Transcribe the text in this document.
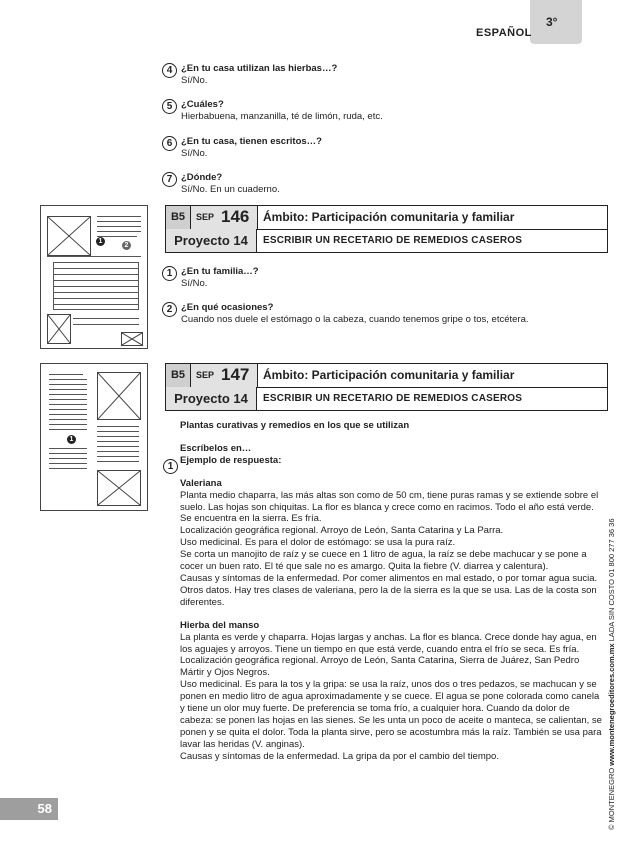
3°
ESPAÑOL
4 ¿En tu casa utilizan las hierbas…?
Sí/No.
5 ¿Cuáles?
Hierbabuena, manzanilla, té de limón, ruda, etc.
6 ¿En tu casa, tienen escritos…?
Sí/No.
7 ¿Dónde?
Sí/No. En un cuaderno.
1
2
B5	SEP 146 Ámbito: Participación comunitaria y familiar
Proyecto 14	ESCRIBIR UN RECETARIO DE REMEDIOS CASEROS
1 ¿En tu familia…?
Sí/No.
2 ¿En qué ocasiones?
Cuando nos duele el estómago o la cabeza, cuando tenemos gripe o tos, etcétera.
1
B5	SEP 147 Ámbito: Participación comunitaria y familiar
Proyecto 14	ESCRIBIR UN RECETARIO DE REMEDIOS CASEROS
1

Plantas curativas y remedios en los que se utilizan

Escríbelos en…

Ejemplo de respuesta:

Valeriana

Planta medio chaparra, las más altas son como de 50 cm, tiene puras ramas y se extiende sobre el suelo. Las hojas son chiquitas. La flor es blanca y crece como en racimos. Todo el año está verde. Se encuentra en la sierra. Es fría.

Localización geográfica regional. Arroyo de León, Santa Catarina y La Parra.

Uso medicinal. Es para el dolor de estómago: se usa la pura raíz.

Se corta un manojito de raíz y se cuece en 1 litro de agua, la raíz se debe machucar y se pone a cocer un buen rato. El té que sale no es amargo. Quita la fiebre (V. diarrea y calentura).

Causas y síntomas de la enfermedad. Por comer alimentos en mal estado, o por tomar agua sucia.

Otros datos. Hay tres clases de valeriana, pero la de la sierra es la que se usa. Las de la costa son diferentes.

Hierba del manso

La planta es verde y chaparra. Hojas largas y anchas. La flor es blanca. Crece donde hay agua, en los aguajes y arroyos. Tiene un tiempo en que está verde, cuando entra el frío se seca. Es fría.

Localización geográfica regional. Arroyo de León, Santa Catarina, Sierra de Juárez, San Pedro Mártir y Ojos Negros.

Uso medicinal. Es para la tos y la gripa: se usa la raíz, unos dos o tres pedazos, se machucan y se ponen en medio litro de agua aproximadamente y se cuece. El agua se pone colorada como canela y tiene un olor muy fuerte. De preferencia se toma frío, a cualquier hora. Cuando da dolor de cabeza: se ponen las hojas en las sienes. Se les unta un poco de aceite o manteca, se calientan, se ponen y se quita el dolor. Toda la planta sirve, pero se acostumbra más la raíz. También se usa para lavar las heridas (V. anginas).

Causas y síntomas de la enfermedad. La gripa da por el cambio del tiempo.

58	© MONTENEGRO www.montenegroeditores.com.mx LADA SIN COSTO 01 800 277 36 36
